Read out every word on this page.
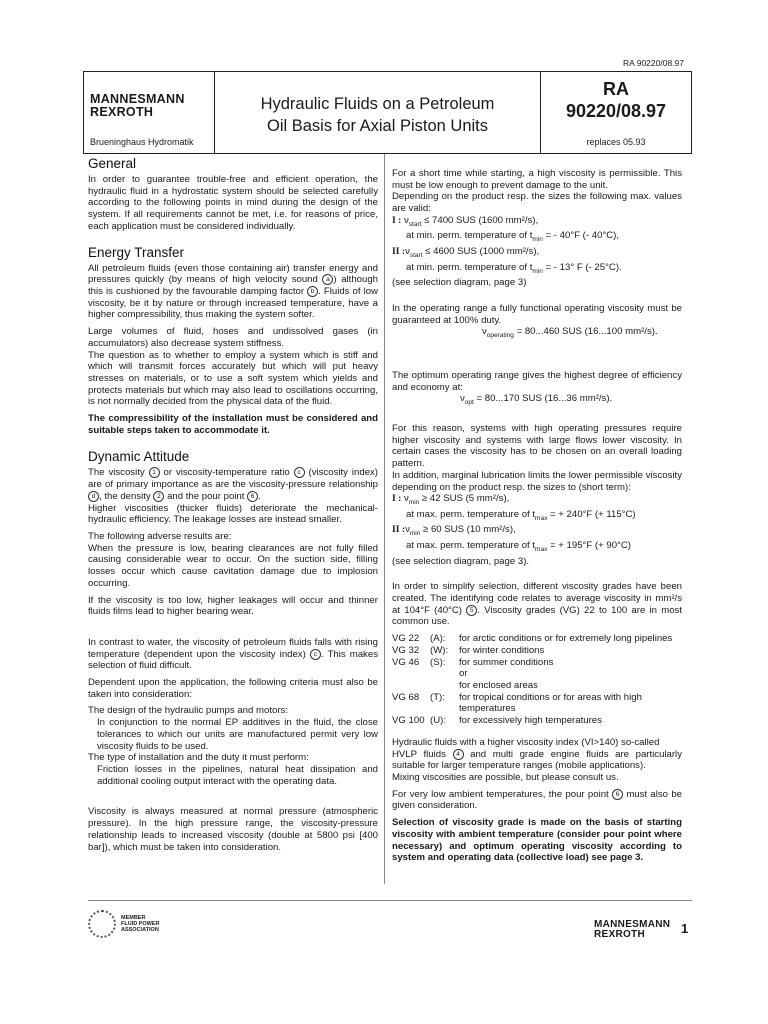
RA 90220/08.97
MANNESMANN
REXROTH
Brueninghaus Hydromatik
Hydraulic Fluids on a Petroleum
Oil Basis for Axial Piston Units
RA
90220/08.97
replaces 05.93
General

In order to guarantee trouble-free and efficient operation, the hydraulic fluid in a hydrostatic system should be selected carefully according to the following points in mind during the design of the system. If all requirements cannot be met, i.e. for reasons of price, each application must be considered individually.

Energy Transfer

All petroleum fluids (even those containing air) transfer energy and pressures quickly (by means of high velocity sound a ) although this is cushioned by the favourable damping factor b . Fluids of low viscosity, be it by nature or through increased temperature, have a higher compressibility, thus making the system softer.

Large volumes of fluid, hoses and undissolved gases (in accumulators) also decrease system stiffness.

The question as to whether to employ a system which is stiff and which will transmit forces accurately but which will put heavy stresses on materials, or to use a soft system which yields and protects materials but which may also lead to oscillations occurring, is not normally decided from the physical data of the fluid.

The compressibility of the installation must be considered and suitable steps taken to accommodate it.

Dynamic Attitude

The viscosity 1 or viscosity-temperature ratio c (viscosity index) are of primary importance as are the viscosity-pressure relationship d , the density 2 and the pour point 6 .

Higher viscosities (thicker fluids) deteriorate the mechanical-hydraulic efficiency. The leakage losses are instead smaller.

The following adverse results are:

When the pressure is low, bearing clearances are not fully filled causing considerable wear to occur. On the suction side, filling losses occur which cause cavitation damage due to implosion occurring.

If the viscosity is too low, higher leakages will occur and thinner fluids films lead to higher bearing wear.

In contrast to water, the viscosity of petroleum fluids falls with rising temperature (dependent upon the viscosity index) c . This makes selection of fluid difficult.

Dependent upon the application, the following criteria must also be taken into consideration:

The design of the hydraulic pumps and motors:

In conjunction to the normal EP additives in the fluid, the close tolerances to which our units are manufactured permit very low viscosity fluids to be used.

The type of installation and the duty it must perform:

Friction losses in the pipelines, natural heat dissipation and additional cooling output interact with the operating data.

Viscosity is always measured at normal pressure (atmospheric pressure). In the high pressure range, the viscosity-pressure relationship leads to increased viscosity (double at 5800 psi [400 bar]), which must be taken into consideration.

For a short time while starting, a high viscosity is permissible. This must be low enough to prevent damage to the unit.

Depending on the product resp. the sizes the following max. values are valid:

I : $\nu_{start} \le 7400$ SUS (1600 mm²/s),
at min. perm. temperature of $t_{min}$ = - 40°F (- 40°C),
II $:\nu_{start} \le 4600$ SUS (1000 mm²/s),
at min. perm. temperature of $t_{min}$ = - 13° F (- 25°C).
(see selection diagram, page 3)

In the operating range a fully functional operating viscosity must be guaranteed at 100% duty.

$\nu_{operating} = 80...460$ SUS (16...100 mm²/s).

The optimum operating range gives the highest degree of efficiency and economy at:

$\nu_{opt} = 80...170$ SUS (16...36 mm²/s).

For this reason, systems with high operating pressures require higher viscosity and systems with large flows lower viscosity. In certain cases the viscosity has to be chosen on an overall loading pattern.

In addition, marginal lubrication limits the lower permissible viscosity depending on the product resp. the sizes to (short term):

I : $\nu_{min} \ge 42$ SUS (5 mm²/s),
at max. perm. temperature of $t_{max}$ = + 240°F (+ 115°C)
II $:\nu_{min} \ge 60$ SUS (10 mm²/s),
at max. perm. temperature of $t_{max}$ = + 195°F (+ 90°C)
(see selection diagram, page 3).

In order to simplify selection, different viscosity grades have been created. The identifying code relates to average viscosity in mm²/s at 104°F (40°C) 5 . Viscosity grades (VG) 22 to 100 are in most common use.

VG 22	(A):	for arctic conditions or for extremely long pipelines
VG 32	(W):	for winter conditions
VG 46	(S):	for summer conditions
or
for enclosed areas
VG 68	(T):	for tropical conditions or for areas with high temperatures
VG 100 (U):	for excessively high temperatures

Hydraulic fluids with a higher viscosity index (VI>140) so-called

HVLP fluids 4 and multi grade engine fluids are particularly suitable for larger temperature ranges (mobile applications).

Mixing viscosities are possible, but please consult us.

For very low ambient temperatures, the pour point 6 must also be given consideration.

Selection of viscosity grade is made on the basis of starting viscosity with ambient temperature (consider pour point where necessary) and optimum operating viscosity according to system and operating data (collective load) see page 3.

MEMBER
FLUID POWER
ASSOCIATION	MANNESMANN
REXROTH	1
